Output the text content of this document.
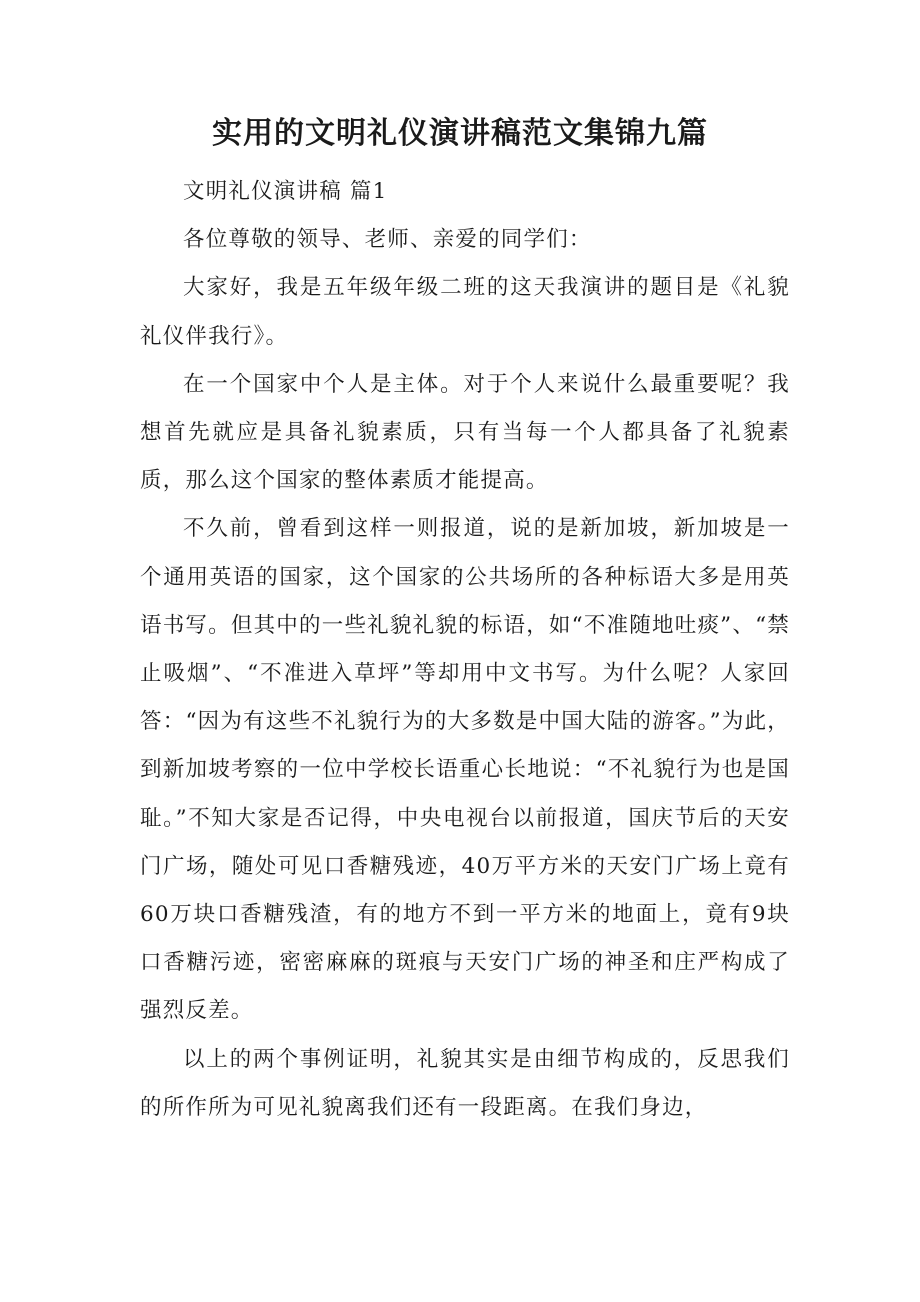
实用的文明礼仪演讲稿范文集锦九篇

文明礼仪演讲稿 篇1

各位尊敬的领导、老师、亲爱的同学们：

大家好，我是五年级年级二班的这天我演讲的题目是《礼貌礼仪伴我行》。

在一个国家中个人是主体。对于个人来说什么最重要呢？我想首先就应是具备礼貌素质，只有当每一个人都具备了礼貌素质，那么这个国家的整体素质才能提高。

不久前，曾看到这样一则报道，说的是新加坡，新加坡是一个通用英语的国家，这个国家的公共场所的各种标语大多是用英语书写。但其中的一些礼貌礼貌的标语，如“不准随地吐痰”、“禁止吸烟”、“不准进入草坪”等却用中文书写。为什么呢？人家回答：“因为有这些不礼貌行为的大多数是中国大陆的游客。”为此，到新加坡考察的一位中学校长语重心长地说：“不礼貌行为也是国耻。”不知大家是否记得，中央电视台以前报道，国庆节后的天安门广场，随处可见口香糖残迹，40万平方米的天安门广场上竟有60万块口香糖残渣，有的地方不到一平方米的地面上，竟有9块口香糖污迹，密密麻麻的斑痕与天安门广场的神圣和庄严构成了强烈反差。

以上的两个事例证明，礼貌其实是由细节构成的，反思我们的所作所为可见礼貌离我们还有一段距离。在我们身边，
